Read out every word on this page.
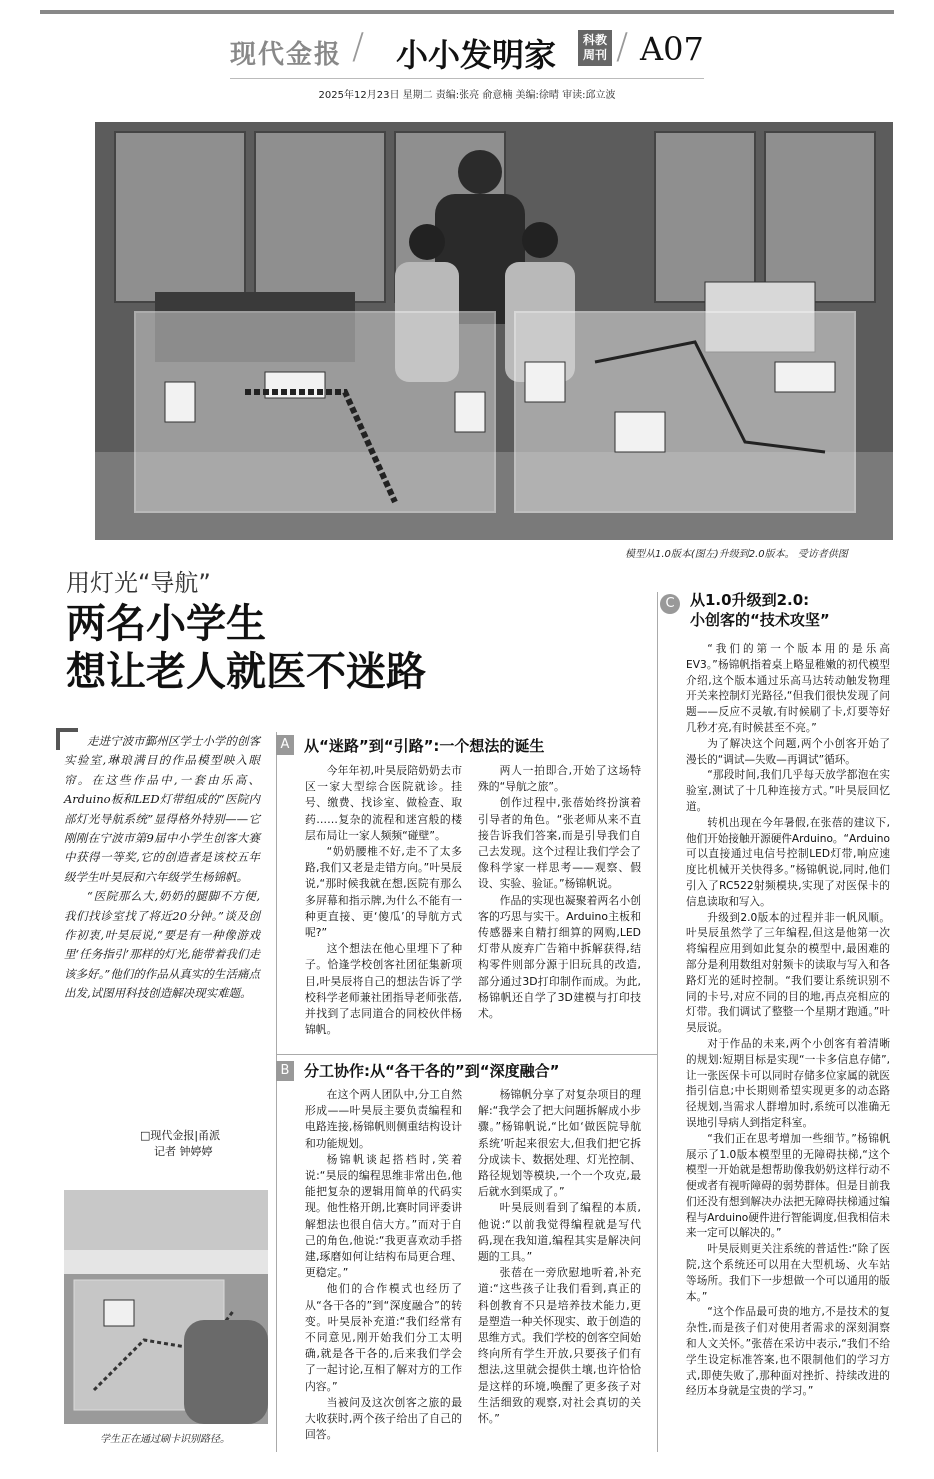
现代金报 / 小小发明家	科教
周刊 / A07
2025年12月23日 星期二 责编:张亮 俞意楠 美编:徐晴 审读:邱立波
模型从1.0版本(图左)升级到2.0版本。 受访者供图
用灯光“导航”
两名小学生
想让老人就医不迷路

走进宁波市鄞州区学士小学的创客实验室,琳琅满目的作品模型映入眼帘。在这些作品中,一套由乐高、Arduino板和LED灯带组成的“医院内部灯光导航系统”显得格外特别——它刚刚在宁波市第9届中小学生创客大赛中获得一等奖,它的创造者是该校五年级学生叶昊辰和六年级学生杨锦帆。

“医院那么大,奶奶的腿脚不方便,我们找诊室找了将近20分钟。”谈及创作初衷,叶昊辰说,“要是有一种像游戏里‘任务指引’那样的灯光,能带着我们走该多好。”他们的作品从真实的生活痛点出发,试图用科技创造解决现实难题。

□现代金报|甬派
记者 钟婷婷
学生正在通过刷卡识别路径。
A 从“迷路”到“引路”:一个想法的诞生

今年年初,叶昊辰陪奶奶去市区一家大型综合医院就诊。挂号、缴费、找诊室、做检查、取药……复杂的流程和迷宫般的楼层布局让一家人频频“碰壁”。

“奶奶腰椎不好,走不了太多路,我们又老是走错方向。”叶昊辰说,“那时候我就在想,医院有那么多屏幕和指示牌,为什么不能有一种更直接、更‘傻瓜’的导航方式呢?”

这个想法在他心里埋下了种子。恰逢学校创客社团征集新项目,叶昊辰将自己的想法告诉了学校科学老师兼社团指导老师张蓓,并找到了志同道合的同校伙伴杨锦帆。

两人一拍即合,开始了这场特殊的“导航之旅”。

创作过程中,张蓓始终扮演着引导者的角色。“张老师从来不直接告诉我们答案,而是引导我们自己去发现。这个过程让我们学会了像科学家一样思考——观察、假设、实验、验证。”杨锦帆说。

作品的实现也凝聚着两名小创客的巧思与实干。Arduino主板和传感器来自精打细算的网购,LED灯带从废弃广告箱中拆解获得,结构零件则部分源于旧玩具的改造,部分通过3D打印制作而成。为此,杨锦帆还自学了3D建模与打印技术。

B 分工协作:从“各干各的”到“深度融合”

在这个两人团队中,分工自然形成——叶昊辰主要负责编程和电路连接,杨锦帆则侧重结构设计和功能规划。

杨锦帆谈起搭档时,笑着说:“昊辰的编程思维非常出色,他能把复杂的逻辑用简单的代码实现。他性格开朗,比赛时同评委讲解想法也很自信大方。”而对于自己的角色,他说:“我更喜欢动手搭建,琢磨如何让结构布局更合理、更稳定。”

他们的合作模式也经历了从“各干各的”到“深度融合”的转变。叶昊辰补充道:“我们经常有不同意见,刚开始我们分工太明确,就是各干各的,后来我们学会了一起讨论,互相了解对方的工作内容。”

当被问及这次创客之旅的最大收获时,两个孩子给出了自己的回答。

杨锦帆分享了对复杂项目的理解:“我学会了把大问题拆解成小步骤。”杨锦帆说,“比如‘做医院导航系统’听起来很宏大,但我们把它拆分成读卡、数据处理、灯光控制、路径规划等模块,一个一个攻克,最后就水到渠成了。”

叶昊辰则看到了编程的本质,他说:“以前我觉得编程就是写代码,现在我知道,编程其实是解决问题的工具。”

张蓓在一旁欣慰地听着,补充道:“这些孩子让我们看到,真正的科创教育不只是培养技术能力,更是塑造一种关怀现实、敢于创造的思维方式。我们学校的创客空间始终向所有学生开放,只要孩子们有想法,这里就会提供土壤,也许恰恰是这样的环境,唤醒了更多孩子对生活细致的观察,对社会真切的关怀。”

C	从1.0升级到2.0:
小创客的“技术攻坚”

“我们的第一个版本用的是乐高EV3。”杨锦帆指着桌上略显稚嫩的初代模型介绍,这个版本通过乐高马达转动触发物理开关来控制灯光路径,“但我们很快发现了问题——反应不灵敏,有时候刷了卡,灯要等好几秒才亮,有时候甚至不亮。”

为了解决这个问题,两个小创客开始了漫长的“调试—失败—再调试”循环。

“那段时间,我们几乎每天放学都泡在实验室,测试了十几种连接方式。”叶昊辰回忆道。

转机出现在今年暑假,在张蓓的建议下,他们开始接触开源硬件Arduino。“Arduino可以直接通过电信号控制LED灯带,响应速度比机械开关快得多。”杨锦帆说,同时,他们引入了RC522射频模块,实现了对医保卡的信息读取和写入。

升级到2.0版本的过程并非一帆风顺。叶昊辰虽然学了三年编程,但这是他第一次将编程应用到如此复杂的模型中,最困难的部分是利用数组对射频卡的读取与写入和各路灯光的延时控制。“我们要让系统识别不同的卡号,对应不同的目的地,再点亮相应的灯带。我们调试了整整一个星期才跑通。”叶昊辰说。

对于作品的未来,两个小创客有着清晰的规划:短期目标是实现“一卡多信息存储”,让一张医保卡可以同时存储多位家属的就医指引信息;中长期则希望实现更多的动态路径规划,当需求人群增加时,系统可以准确无误地引导病人到指定科室。

“我们正在思考增加一些细节。”杨锦帆展示了1.0版本模型里的无障碍扶梯,“这个模型一开始就是想帮助像我奶奶这样行动不便或者有视听障碍的弱势群体。但是目前我们还没有想到解决办法把无障碍扶梯通过编程与Arduino硬件进行智能调度,但我相信未来一定可以解决的。”

叶昊辰则更关注系统的普适性:“除了医院,这个系统还可以用在大型机场、火车站等场所。我们下一步想做一个可以通用的版本。”

“这个作品最可贵的地方,不是技术的复杂性,而是孩子们对使用者需求的深刻洞察和人文关怀。”张蓓在采访中表示,“我们不给学生设定标准答案,也不限制他们的学习方式,即使失败了,那种面对挫折、持续改进的经历本身就是宝贵的学习。”
